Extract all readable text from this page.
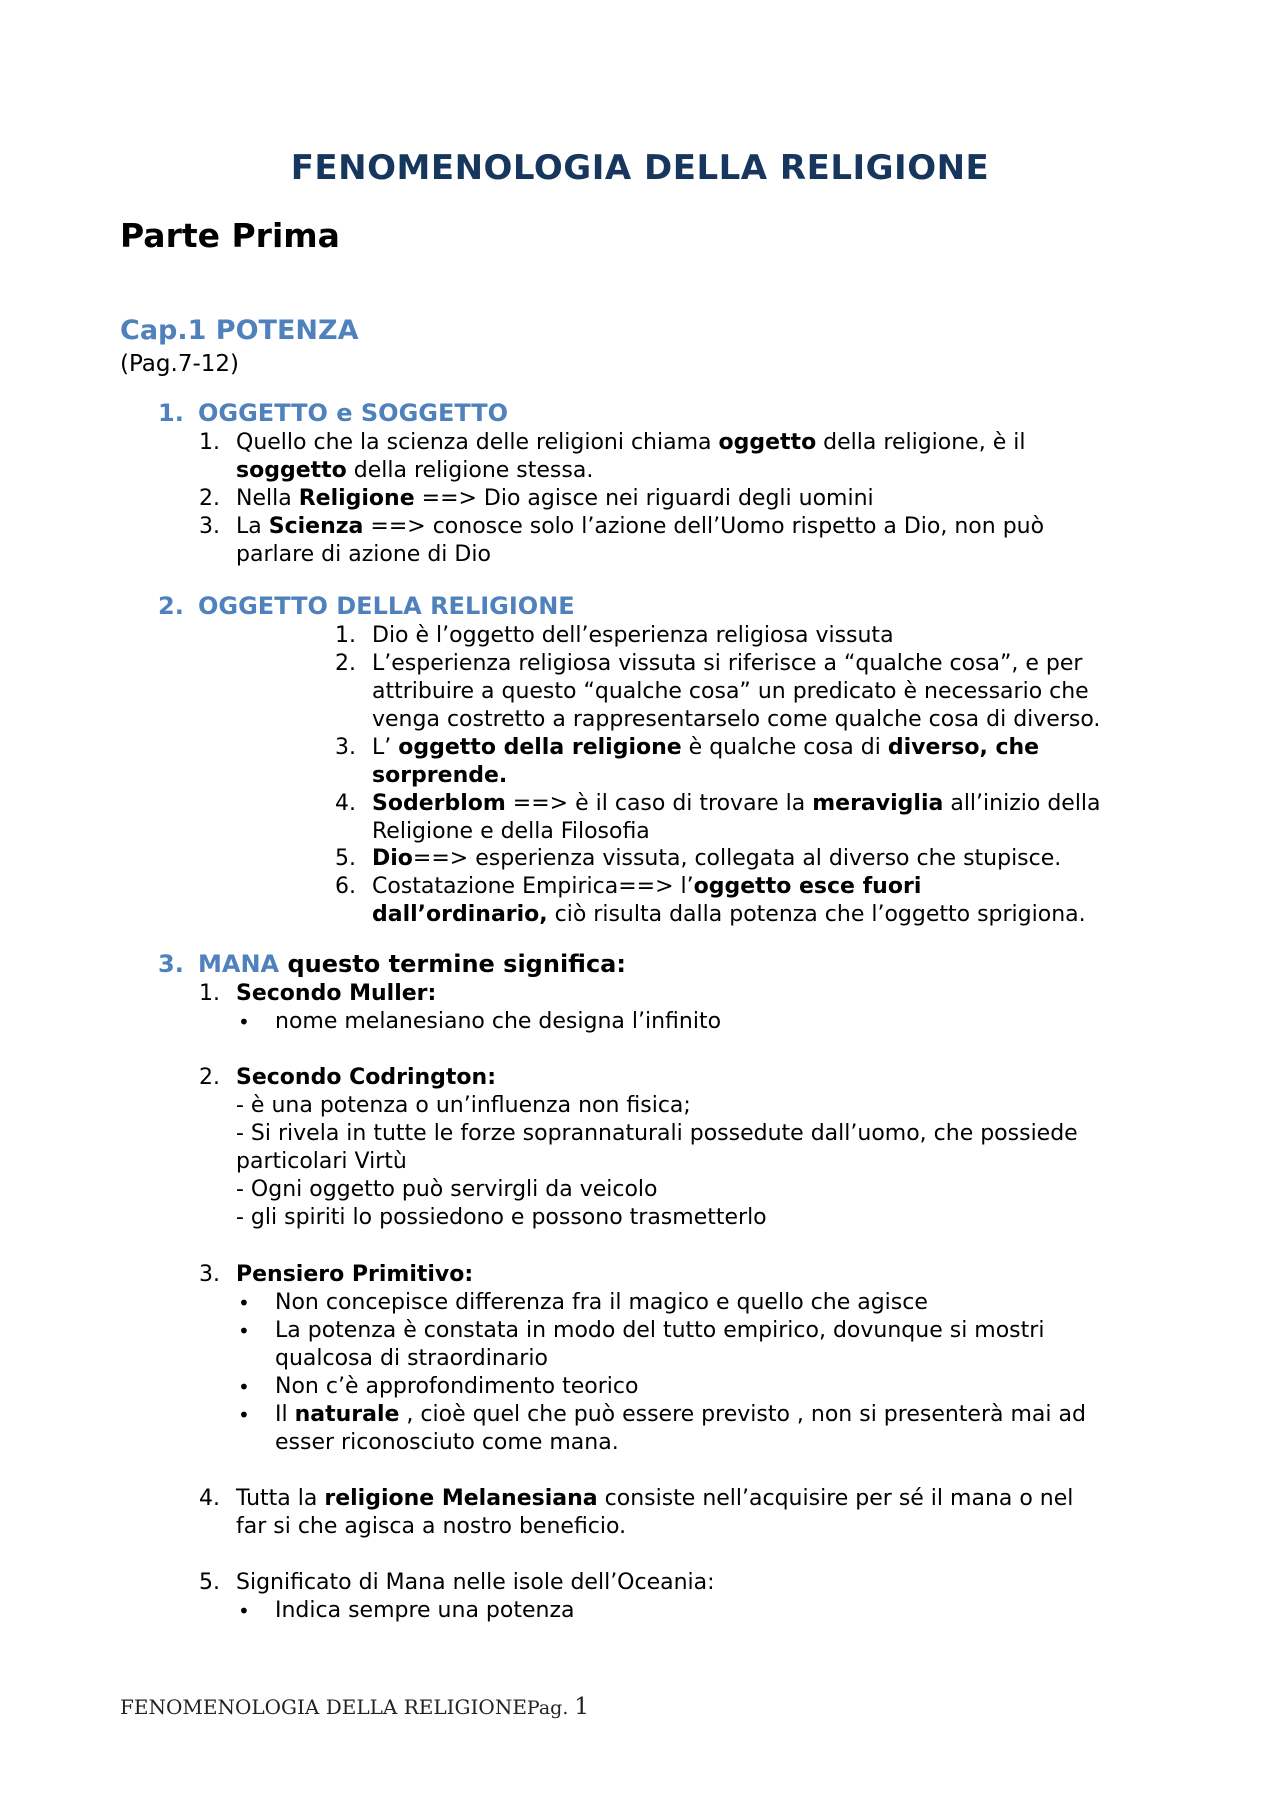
FENOMENOLOGIA DELLA RELIGIONE
Parte Prima
Cap.1 POTENZA
(Pag.7-12)
1. OGGETTO e SOGGETTO
1. Quello che la scienza delle religioni chiama oggetto della religione, è il
soggetto della religione stessa.
2. Nella Religione ==> Dio agisce nei riguardi degli uomini
3. La Scienza ==> conosce solo l’azione dell’Uomo rispetto a Dio, non può
parlare di azione di Dio
2. OGGETTO DELLA RELIGIONE
1. Dio è l’oggetto dell’esperienza religiosa vissuta
2. L’esperienza religiosa vissuta si riferisce a “qualche cosa”, e per
attribuire a questo “qualche cosa” un predicato è necessario che
venga costretto a rappresentarselo come qualche cosa di diverso.
3. L’ oggetto della religione è qualche cosa di diverso, che
sorprende.
4. Soderblom ==> è il caso di trovare la meraviglia all’inizio della
Religione e della Filosofia
5. Dio==> esperienza vissuta, collegata al diverso che stupisce.
6. Costatazione Empirica==> l’oggetto esce fuori
dall’ordinario, ciò risulta dalla potenza che l’oggetto sprigiona.
3. MANA questo termine significa:
1. Secondo Muller:
• nome melanesiano che designa l’infinito
2. Secondo Codrington:
- è una potenza o un’influenza non fisica;
- Si rivela in tutte le forze soprannaturali possedute dall’uomo, che possiede
particolari Virtù
- Ogni oggetto può servirgli da veicolo
- gli spiriti lo possiedono e possono trasmetterlo
3. Pensiero Primitivo:
• Non concepisce differenza fra il magico e quello che agisce
• La potenza è constata in modo del tutto empirico, dovunque si mostri
qualcosa di straordinario
• Non c’è approfondimento teorico
• Il naturale , cioè quel che può essere previsto , non si presenterà mai ad
esser riconosciuto come mana.
4. Tutta la religione Melanesiana consiste nell’acquisire per sé il mana o nel
far si che agisca a nostro beneficio.
5. Significato di Mana nelle isole dell’Oceania:
• Indica sempre una potenza
FENOMENOLOGIA DELLA RELIGIONEPag. 1
